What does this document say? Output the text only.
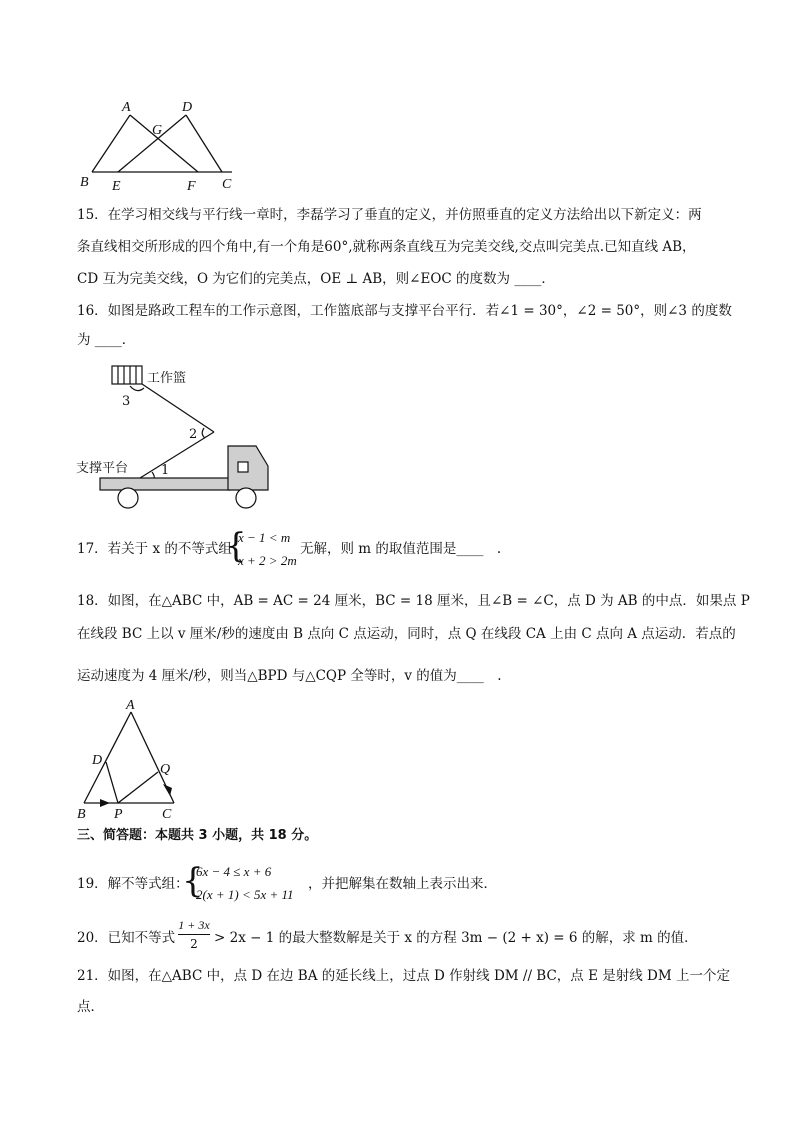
A	D
G
B E	F C
15．在学习相交线与平行线一章时，李磊学习了垂直的定义，并仿照垂直的定义方法给出以下新定义：两
条直线相交所形成的四个角中,有一个角是60°,就称两条直线互为完美交线,交点叫完美点.已知直线 AB，
CD 互为完美交线，O 为它们的完美点，OE ⊥ AB，则∠EOC 的度数为 ____．
16．如图是路政工程车的工作示意图，工作篮底部与支撑平台平行．若∠1 = 30°，∠2 = 50°，则∠3 的度数
为 ____．
工作篮
支撑平台
3
2
1
17．若关于 x 的不等式组
{
x − 1 < m
x + 2 > 2m
无解，则 m 的取值范围是____　.
18．如图，在△ABC 中，AB = AC = 24 厘米，BC = 18 厘米，且∠B = ∠C，点 D 为 AB 的中点．如果点 P
在线段 BC 上以 v 厘米/秒的速度由 B 点向 C 点运动，同时，点 Q 在线段 CA 上由 C 点向 A 点运动．若点的
运动速度为 4 厘米/秒，则当△BPD 与△CQP 全等时，v 的值为____　.
A
D
Q
B P	C
三、简答题：本题共 3 小题，共 18 分。
19．解不等式组：
{
6x − 4 ≤ x + 6
2(x + 1) < 5x + 11
，并把解集在数轴上表示出来．
20．已知不等式
1 + 3x
2	> 2x − 1 的最大整数解是关于 x 的方程 3m − (2 + x) = 6 的解，求 m 的值．
21．如图，在△ABC 中，点 D 在边 BA 的延长线上，过点 D 作射线 DM // BC，点 E 是射线 DM 上一个定
点．
